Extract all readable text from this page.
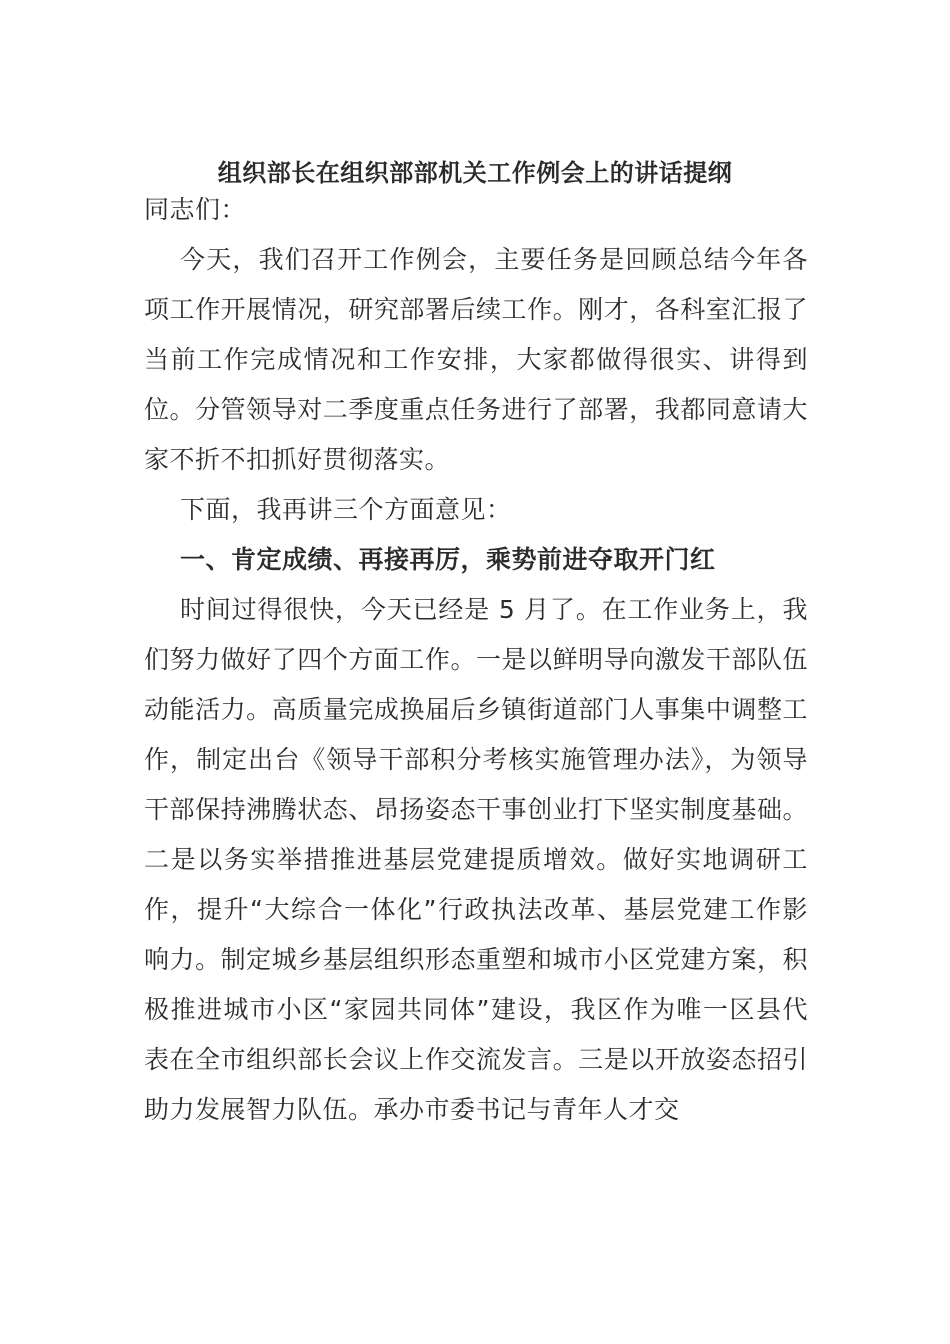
组织部长在组织部部机关工作例会上的讲话提纲

同志们：

今天，我们召开工作例会，主要任务是回顾总结今年各项工作开展情况，研究部署后续工作。刚才，各科室汇报了当前工作完成情况和工作安排，大家都做得很实、讲得到位。分管领导对二季度重点任务进行了部署，我都同意请大家不折不扣抓好贯彻落实。

下面，我再讲三个方面意见：

一、肯定成绩、再接再厉，乘势前进夺取开门红

时间过得很快，今天已经是 5 月了。在工作业务上，我们努力做好了四个方面工作。一是以鲜明导向激发干部队伍动能活力。高质量完成换届后乡镇街道部门人事集中调整工作，制定出台《领导干部积分考核实施管理办法》，为领导干部保持沸腾状态、昂扬姿态干事创业打下坚实制度基础。二是以务实举措推进基层党建提质增效。做好实地调研工作，提升“大综合一体化”行政执法改革、基层党建工作影响力。制定城乡基层组织形态重塑和城市小区党建方案，积极推进城市小区“家园共同体”建设，我区作为唯一区县代表在全市组织部长会议上作交流发言。三是以开放姿态招引助力发展智力队伍。承办市委书记与青年人才交
